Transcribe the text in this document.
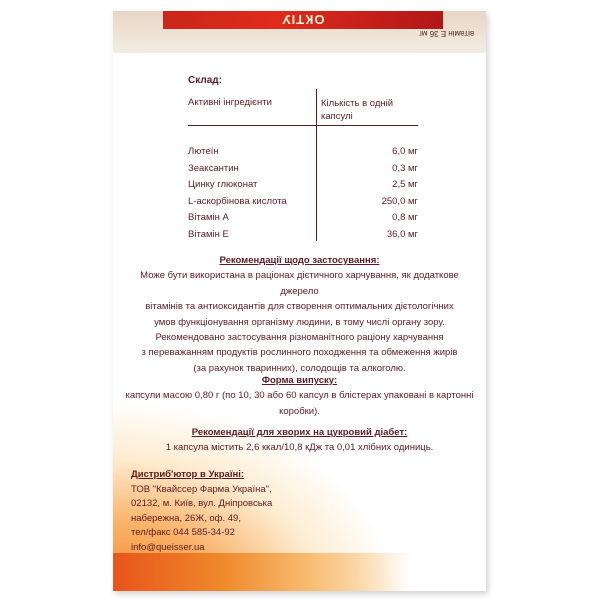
ОКТІУ
вітамін Е 36 мг
Склад:
Активні інгредієнти	Кількість в одній капсулі
Лютеїн	6,0 мг
Зеаксантин	0,3 мг
Цинку глюконат	2,5 мг
L-аскорбінова кислота	250,0 мг
Вітамін А	0,8 мг
Вітамін Е	36,0 мг
Рекомендації щодо застосування:
Може бути використана в раціонах дієтичного харчування, як додаткове джерело
вітамінів та антиоксидантів для створення оптимальних дієтологічних
умов функціонування організму людини, в тому числі органу зору.
Рекомендовано застосування різноманітного раціону харчування
з переважанням продуктів рослинного походження та обмеження жирів
(за рахунок тваринних), солодощів та алкоголю.
Форма випуску:
капсули масою 0,80 г (по 10, 30 або 60 капсул в блістерах упаковані в картонні
коробки).
Рекомендації для хворих на цукровий діабет:
1 капсула містить 2,6 ккал/10,8 кДж та 0,01 хлібних одиниць.
Дистриб'ютор в Україні:
ТОВ "Квайссер Фарма Україна",
02132, м. Київ, вул. Дніпровська
набережна, 26Ж, оф. 49,
тел/факс 044 585-34-92
info@queisser.ua
